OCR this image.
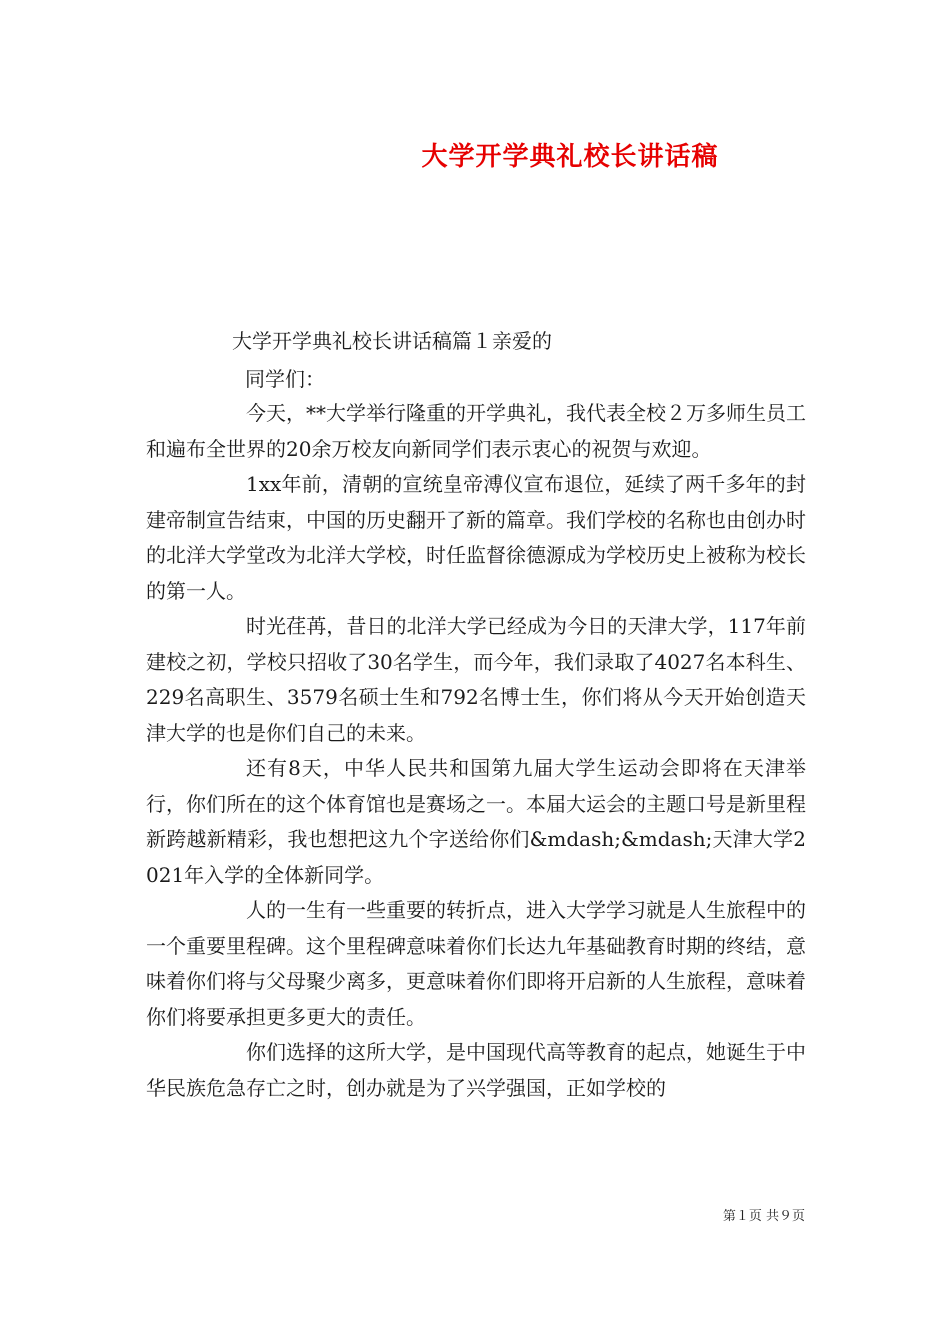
大学开学典礼校长讲话稿

大学开学典礼校长讲话稿篇１亲爱的

同学们：

今天，**大学举行隆重的开学典礼，我代表全校２万多师生员工和遍布全世界的20余万校友向新同学们表示衷心的祝贺与欢迎。

1xx年前，清朝的宣统皇帝溥仪宣布退位，延续了两千多年的封建帝制宣告结束，中国的历史翻开了新的篇章。我们学校的名称也由创办时的北洋大学堂改为北洋大学校，时任监督徐德源成为学校历史上被称为校长的第一人。

时光荏苒，昔日的北洋大学已经成为今日的天津大学，117年前建校之初，学校只招收了30名学生，而今年，我们录取了4027名本科生、229名高职生、3579名硕士生和792名博士生，你们将从今天开始创造天津大学的也是你们自己的未来。

还有8天，中华人民共和国第九届大学生运动会即将在天津举行，你们所在的这个体育馆也是赛场之一。本届大运会的主题口号是新里程新跨越新精彩，我也想把这九个字送给你们&mdash;&mdash;天津大学2021年入学的全体新同学。

人的一生有一些重要的转折点，进入大学学习就是人生旅程中的一个重要里程碑。这个里程碑意味着你们长达九年基础教育时期的终结，意味着你们将与父母聚少离多，更意味着你们即将开启新的人生旅程，意味着你们将要承担更多更大的责任。

你们选择的这所大学，是中国现代高等教育的起点，她诞生于中华民族危急存亡之时，创办就是为了兴学强国，正如学校的

第１页 共９页
